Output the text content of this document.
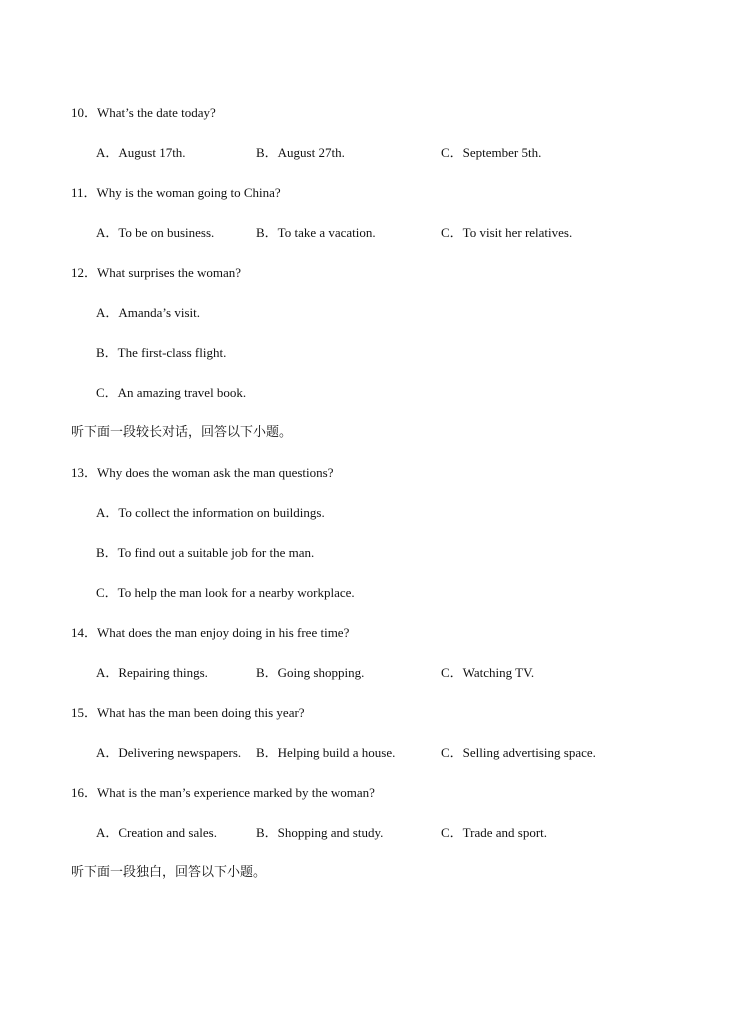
10．What’s the date today?
A．August 17th.	B．August 27th.	C．September 5th.
11．Why is the woman going to China?
A．To be on business.	B．To take a vacation.	C．To visit her relatives.
12．What surprises the woman?
A．Amanda’s visit.
B．The first-class flight.
C．An amazing travel book.
听下面一段较长对话，回答以下小题。
13．Why does the woman ask the man questions?
A．To collect the information on buildings.
B．To find out a suitable job for the man.
C．To help the man look for a nearby workplace.
14．What does the man enjoy doing in his free time?
A．Repairing things.	B．Going shopping.	C．Watching TV.
15．What has the man been doing this year?
A．Delivering newspapers. B．Helping build a house.	C．Selling advertising space.
16．What is the man’s experience marked by the woman?
A．Creation and sales.	B．Shopping and study.	C．Trade and sport.
听下面一段独白，回答以下小题。
